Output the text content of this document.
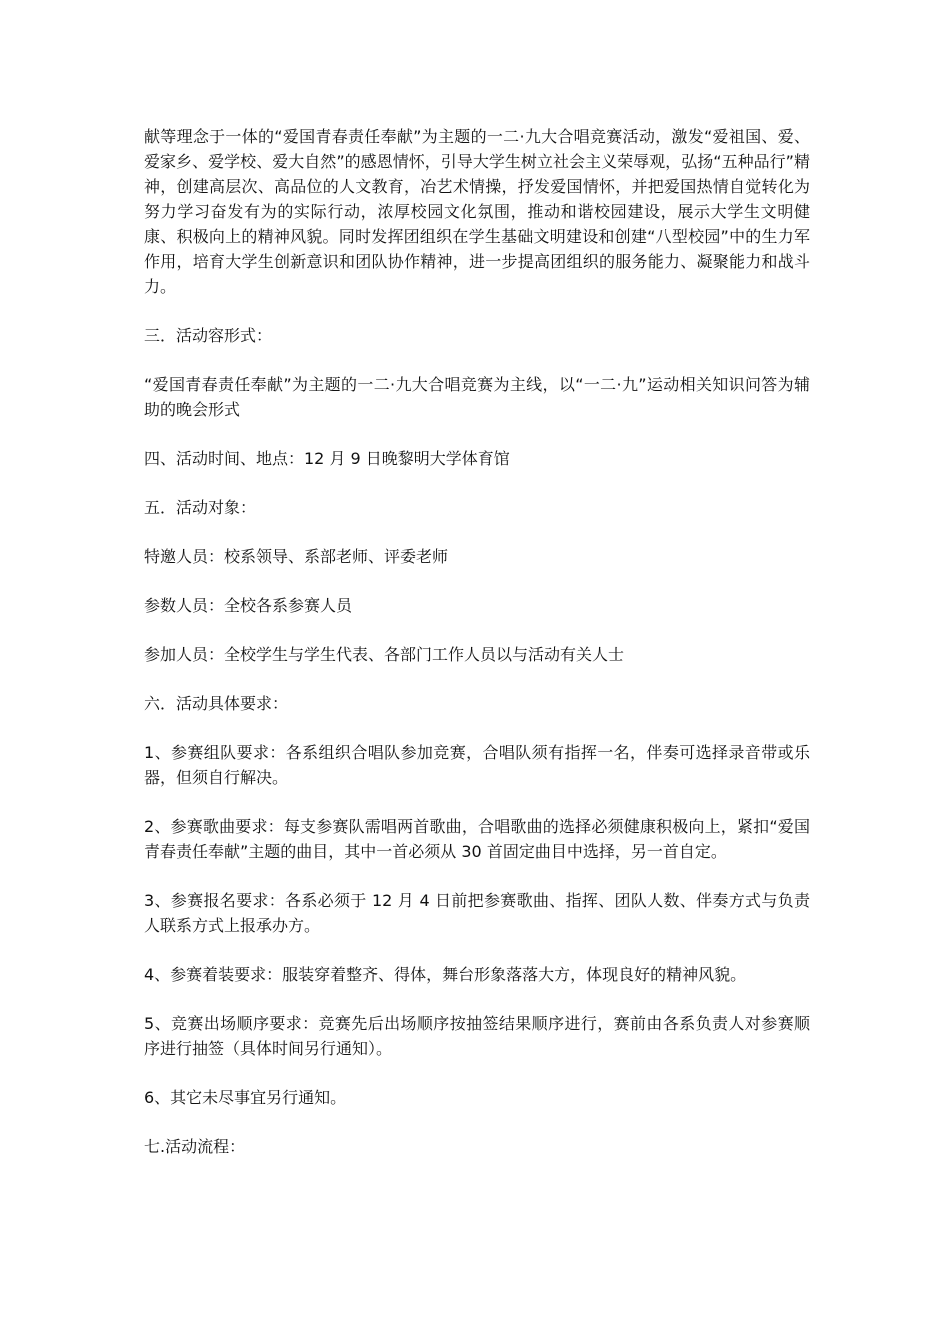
献等理念于一体的“爱国青春责任奉献”为主题的一二·九大合唱竞赛活动，激发“爱祖国、爱、爱家乡、爱学校、爱大自然”的感恩情怀，引导大学生树立社会主义荣辱观，弘扬“五种品行”精神，创建高层次、高品位的人文教育，冶艺术情操，抒发爱国情怀，并把爱国热情自觉转化为努力学习奋发有为的实际行动，浓厚校园文化氛围，推动和谐校园建设，展示大学生文明健康、积极向上的精神风貌。同时发挥团组织在学生基础文明建设和创建“八型校园”中的生力军作用，培育大学生创新意识和团队协作精神，进一步提高团组织的服务能力、凝聚能力和战斗力。

三．活动容形式：

“爱国青春责任奉献”为主题的一二·九大合唱竞赛为主线，以“一二·九”运动相关知识问答为辅助的晚会形式

四、活动时间、地点：12 月 9 日晚黎明大学体育馆

五．活动对象：

特邀人员：校系领导、系部老师、评委老师

参数人员：全校各系参赛人员

参加人员：全校学生与学生代表、各部门工作人员以与活动有关人士

六．活动具体要求：

1、参赛组队要求：各系组织合唱队参加竞赛，合唱队须有指挥一名，伴奏可选择录音带或乐器，但须自行解决。

2、参赛歌曲要求：每支参赛队需唱两首歌曲，合唱歌曲的选择必须健康积极向上，紧扣“爱国青春责任奉献”主题的曲目，其中一首必须从 30 首固定曲目中选择，另一首自定。

3、参赛报名要求：各系必须于 12 月 4 日前把参赛歌曲、指挥、团队人数、伴奏方式与负责人联系方式上报承办方。

4、参赛着装要求：服装穿着整齐、得体，舞台形象落落大方，体现良好的精神风貌。

5、竞赛出场顺序要求：竞赛先后出场顺序按抽签结果顺序进行，赛前由各系负责人对参赛顺序进行抽签（具体时间另行通知）。

6、其它未尽事宜另行通知。

七.活动流程：
